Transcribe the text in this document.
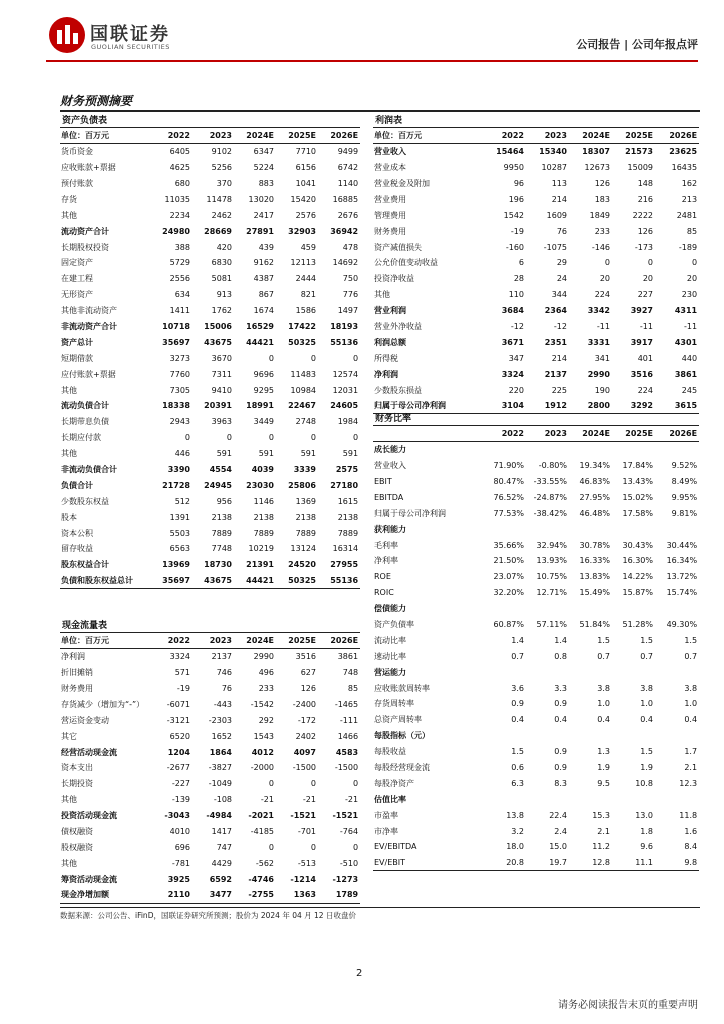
国联证券
GUOLIAN SECURITIES	公司报告 | 公司年报点评
财务预测摘要
资产负债表					
单位：百万元	2022	2023	2024E	2025E	2026E
货币资金	6405	9102	6347	7710	9499
应收账款+票据	4625	5256	5224	6156	6742
预付账款	680	370	883	1041	1140
存货	11035	11478	13020	15420	16885
其他	2234	2462	2417	2576	2676
流动资产合计	24980	28669	27891	32903	36942
长期股权投资	388	420	439	459	478
固定资产	5729	6830	9162	12113	14692
在建工程	2556	5081	4387	2444	750
无形资产	634	913	867	821	776
其他非流动资产	1411	1762	1674	1586	1497
非流动资产合计	10718	15006	16529	17422	18193
资产总计	35697	43675	44421	50325	55136
短期借款	3273	3670	0	0	0
应付账款+票据	7760	7311	9696	11483	12574
其他	7305	9410	9295	10984	12031
流动负债合计	18338	20391	18991	22467	24605
长期带息负债	2943	3963	3449	2748	1984
长期应付款	0	0	0	0	0
其他	446	591	591	591	591
非流动负债合计	3390	4554	4039	3339	2575
负债合计	21728	24945	23030	25806	27180
少数股东权益	512	956	1146	1369	1615
股本	1391	2138	2138	2138	2138
资本公积	5503	7889	7889	7889	7889
留存收益	6563	7748	10219	13124	16314
股东权益合计	13969	18730	21391	24520	27955
负债和股东权益总计	35697	43675	44421	50325	55136
现金流量表					
单位：百万元	2022	2023	2024E	2025E	2026E
净利润	3324	2137	2990	3516	3861
折旧摊销	571	746	496	627	748
财务费用	-19	76	233	126	85
存货减少（增加为“-”）	-6071	-443	-1542	-2400	-1465
营运资金变动	-3121	-2303	292	-172	-111
其它	6520	1652	1543	2402	1466
经营活动现金流	1204	1864	4012	4097	4583
资本支出	-2677	-3827	-2000	-1500	-1500
长期投资	-227	-1049	0	0	0
其他	-139	-108	-21	-21	-21
投资活动现金流	-3043	-4984	-2021	-1521	-1521
债权融资	4010	1417	-4185	-701	-764
股权融资	696	747	0	0	0
其他	-781	4429	-562	-513	-510
筹资活动现金流	3925	6592	-4746	-1214	-1273
现金净增加额	2110	3477	-2755	1363	1789
利润表					
单位：百万元	2022	2023	2024E	2025E	2026E
营业收入	15464	15340	18307	21573	23625
营业成本	9950	10287	12673	15009	16435
营业税金及附加	96	113	126	148	162
营业费用	196	214	183	216	213
管理费用	1542	1609	1849	2222	2481
财务费用	-19	76	233	126	85
资产减值损失	-160	-1075	-146	-173	-189
公允价值变动收益	6	29	0	0	0
投资净收益	28	24	20	20	20
其他	110	344	224	227	230
营业利润	3684	2364	3342	3927	4311
营业外净收益	-12	-12	-11	-11	-11
利润总额	3671	2351	3331	3917	4301
所得税	347	214	341	401	440
净利润	3324	2137	2990	3516	3861
少数股东损益	220	225	190	224	245
归属于母公司净利润	3104	1912	2800	3292	3615
财务比率					
	2022	2023	2024E	2025E	2026E
成长能力					
营业收入	71.90%	-0.80%	19.34%	17.84%	9.52%
EBIT	80.47%	-33.55%	46.83%	13.43%	8.49%
EBITDA	76.52%	-24.87%	27.95%	15.02%	9.95%
归属于母公司净利润	77.53%	-38.42%	46.48%	17.58%	9.81%
获利能力					
毛利率	35.66%	32.94%	30.78%	30.43%	30.44%
净利率	21.50%	13.93%	16.33%	16.30%	16.34%
ROE	23.07%	10.75%	13.83%	14.22%	13.72%
ROIC	32.20%	12.71%	15.49%	15.87%	15.74%
偿债能力					
资产负债率	60.87%	57.11%	51.84%	51.28%	49.30%
流动比率	1.4	1.4	1.5	1.5	1.5
速动比率	0.7	0.8	0.7	0.7	0.7
营运能力					
应收账款周转率	3.6	3.3	3.8	3.8	3.8
存货周转率	0.9	0.9	1.0	1.0	1.0
总资产周转率	0.4	0.4	0.4	0.4	0.4
每股指标（元）					
每股收益	1.5	0.9	1.3	1.5	1.7
每股经营现金流	0.6	0.9	1.9	1.9	2.1
每股净资产	6.3	8.3	9.5	10.8	12.3
估值比率					
市盈率	13.8	22.4	15.3	13.0	11.8
市净率	3.2	2.4	2.1	1.8	1.6
EV/EBITDA	18.0	15.0	11.2	9.6	8.4
EV/EBIT	20.8	19.7	12.8	11.1	9.8
数据来源：公司公告、iFinD，国联证券研究所预测；股价为 2024 年 04 月 12 日收盘价
2
请务必阅读报告末页的重要声明
